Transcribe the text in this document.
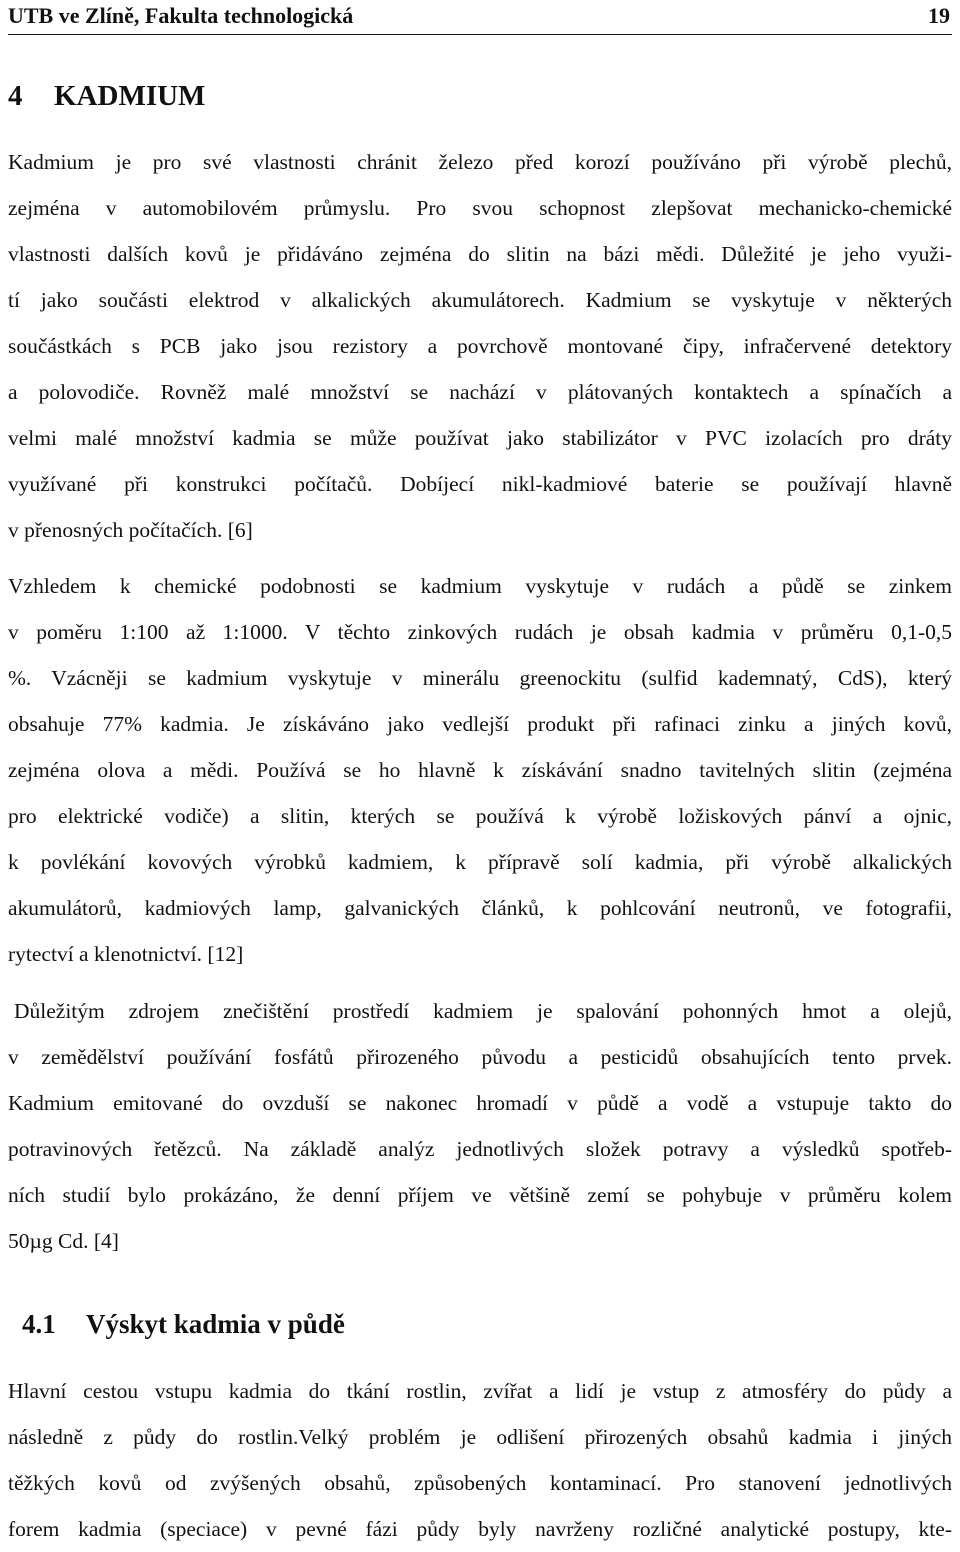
UTB ve Zlíně, Fakulta technologická	19
4 KADMIUM
Kadmium je pro své vlastnosti chránit železo před korozí používáno při výrobě plechů,
zejména v automobilovém průmyslu. Pro svou schopnost zlepšovat mechanicko-chemické
vlastnosti dalších kovů je přidáváno zejména do slitin na bázi mědi. Důležité je jeho využi-
tí jako součásti elektrod v alkalických akumulátorech. Kadmium se vyskytuje v některých
součástkách s PCB jako jsou rezistory a povrchově montované čipy, infračervené detektory
a polovodiče. Rovněž malé množství se nachází v plátovaných kontaktech a spínačích a
velmi malé množství kadmia se může používat jako stabilizátor v PVC izolacích pro dráty
využívané při konstrukci počítačů. Dobíjecí nikl-kadmiové baterie se používají hlavně
v přenosných počítačích. [6]
Vzhledem k chemické podobnosti se kadmium vyskytuje v rudách a půdě se zinkem
v poměru 1:100 až 1:1000. V těchto zinkových rudách je obsah kadmia v průměru 0,1-0,5
%. Vzácněji se kadmium vyskytuje v minerálu greenockitu (sulfid kademnatý, CdS), který
obsahuje 77% kadmia. Je získáváno jako vedlejší produkt při rafinaci zinku a jiných kovů,
zejména olova a mědi. Používá se ho hlavně k získávání snadno tavitelných slitin (zejména
pro elektrické vodiče) a slitin, kterých se používá k výrobě ložiskových pánví a ojnic,
k povlékání kovových výrobků kadmiem, k přípravě solí kadmia, při výrobě alkalických
akumulátorů, kadmiových lamp, galvanických článků, k pohlcování neutronů, ve fotografii,
rytectví a klenotnictví. [12]
Důležitým zdrojem znečištění prostředí kadmiem je spalování pohonných hmot a olejů,
v zemědělství používání fosfátů přirozeného původu a pesticidů obsahujících tento prvek.
Kadmium emitované do ovzduší se nakonec hromadí v půdě a vodě a vstupuje takto do
potravinových řetězců. Na základě analýz jednotlivých složek potravy a výsledků spotřeb-
ních studií bylo prokázáno, že denní příjem ve většině zemí se pohybuje v průměru kolem
50µg Cd. [4]
4.1 Výskyt kadmia v půdě
Hlavní cestou vstupu kadmia do tkání rostlin, zvířat a lidí je vstup z atmosféry do půdy a
následně z půdy do rostlin.Velký problém je odlišení přirozených obsahů kadmia i jiných
těžkých kovů od zvýšených obsahů, způsobených kontaminací. Pro stanovení jednotlivých
forem kadmia (speciace) v pevné fázi půdy byly navrženy rozličné analytické postupy, kte-
